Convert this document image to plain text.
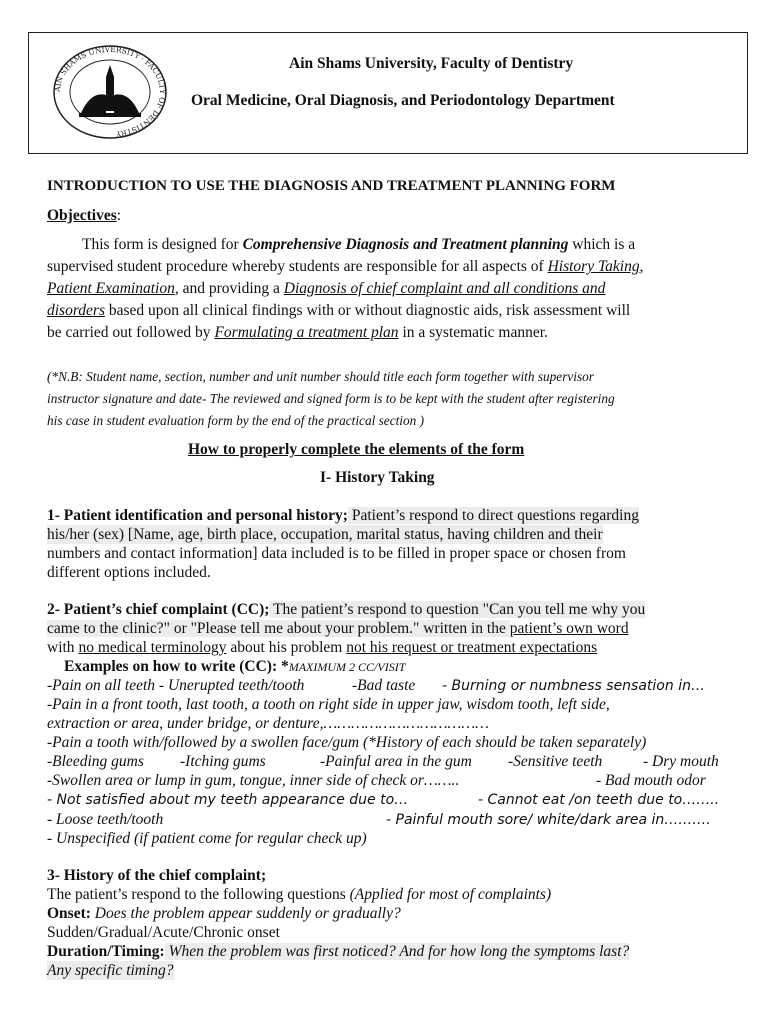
AIN SHAMS UNIVERSITY · FACULTY OF DENTISTRY
Ain Shams University, Faculty of Dentistry
Oral Medicine, Oral Diagnosis, and Periodontology Department
INTRODUCTION TO USE THE DIAGNOSIS AND TREATMENT PLANNING FORM
Objectives:
This form is designed for Comprehensive Diagnosis and Treatment planning which is a
supervised student procedure whereby students are responsible for all aspects of History Taking,
Patient Examination, and providing a Diagnosis of chief complaint and all conditions and
disorders based upon all clinical findings with or without diagnostic aids, risk assessment will
be carried out followed by Formulating a treatment plan in a systematic manner.
(*N.B: Student name, section, number and unit number should title each form together with supervisor
instructor signature and date- The reviewed and signed form is to be kept with the student after registering
his case in student evaluation form by the end of the practical section )
How to properly complete the elements of the form
I- History Taking
1- Patient identification and personal history; Patient’s respond to direct questions regarding
his/her (sex) [Name, age, birth place, occupation, marital status, having children and their
numbers and contact information] data included is to be filled in proper space or chosen from
different options included.
2- Patient’s chief complaint (CC); The patient’s respond to question "Can you tell me why you
came to the clinic?" or "Please tell me about your problem." written in the patient’s own word
with no medical terminology about his problem not his request or treatment expectations
Examples on how to write (CC): *MAXIMUM 2 CC/VISIT
-Pain on all teeth - Unerupted teeth/tooth	-Bad taste - Burning or numbness sensation in…
-Pain in a front tooth, last tooth, a tooth on right side in upper jaw, wisdom tooth, left side,
extraction or area, under bridge, or denture,………………………………
-Pain a tooth with/followed by a swollen face/gum (*History of each should be taken separately)
-Bleeding gums -Itching gums	-Painful area in the gum -Sensitive teeth	- Dry mouth
-Swollen area or lump in gum, tongue, inner side of check or……..	- Bad mouth odor
- Not satisfied about my teeth appearance due to…	- Cannot eat /on teeth due to……..
- Loose teeth/tooth	- Painful mouth sore/ white/dark area in……….
- Unspecified (if patient come for regular check up)
3- History of the chief complaint;
The patient’s respond to the following questions (Applied for most of complaints)
Onset: Does the problem appear suddenly or gradually?
Sudden/Gradual/Acute/Chronic onset
Duration/Timing: When the problem was first noticed? And for how long the symptoms last?
Any specific timing?
